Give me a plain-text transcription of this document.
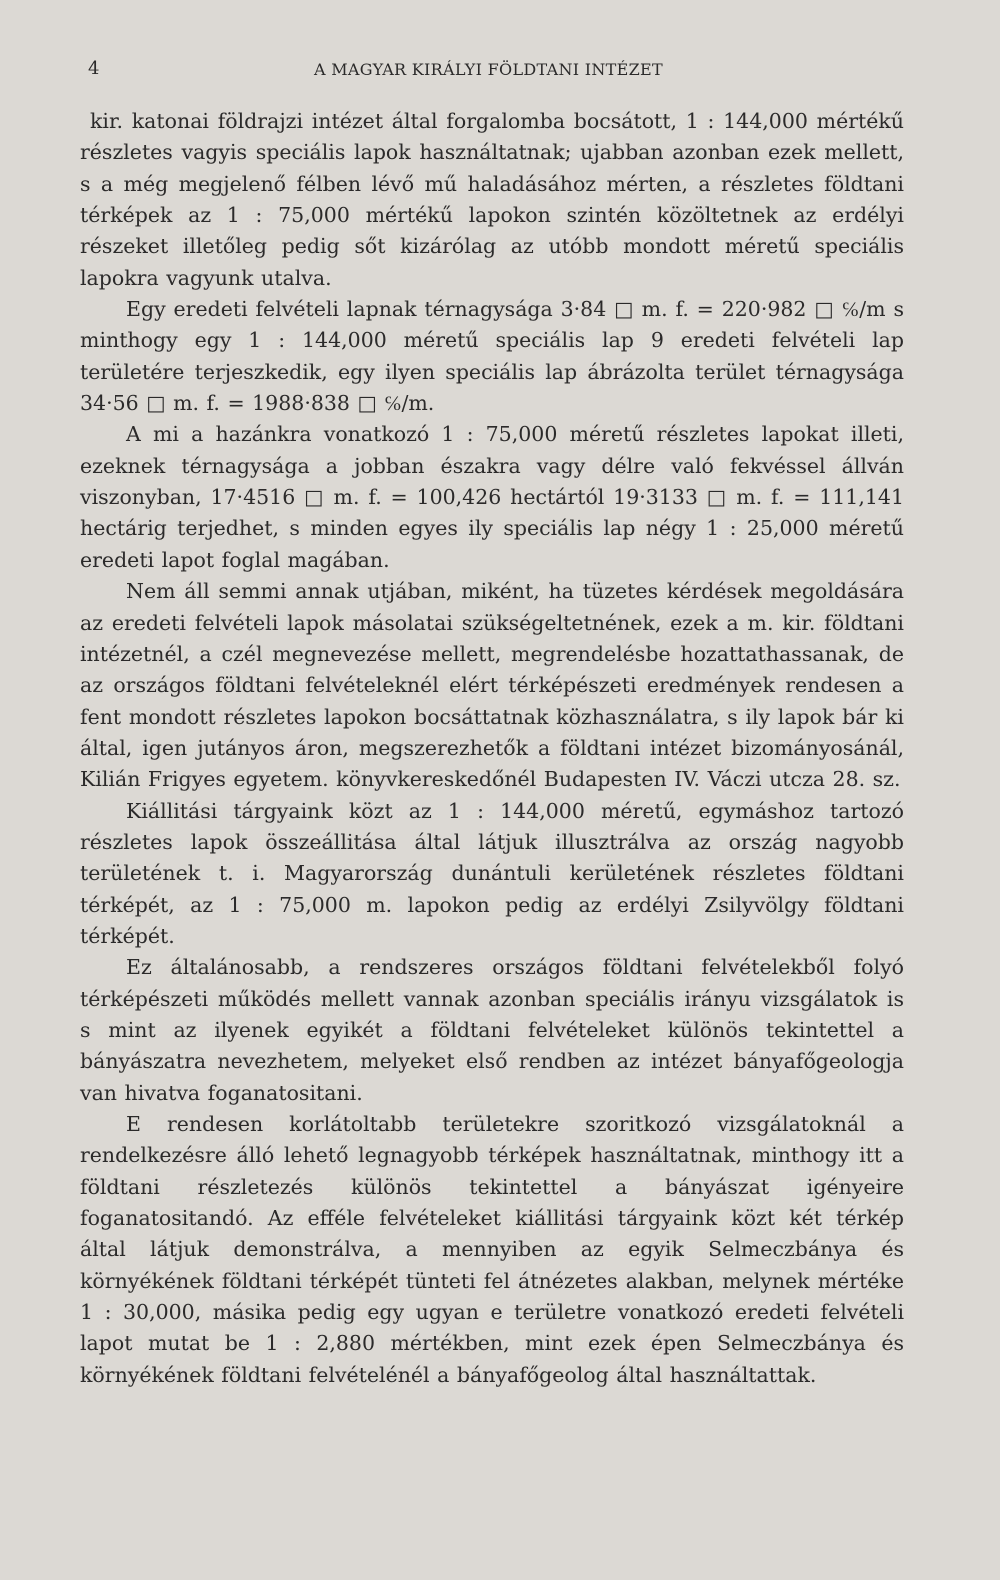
4	A MAGYAR KIRÁLYI FÖLDTANI INTÉZET

kir. katonai földrajzi intézet által forgalomba bocsátott, 1 : 144,000 mértékű részletes vagyis speciális lapok használtatnak; ujabban azonban ezek mellett, s a még megjelenő félben lévő mű haladásához mérten, a részletes földtani térképek az 1 : 75,000 mértékű lapokon szintén közöltetnek az erdélyi részeket illetőleg pedig sőt kizárólag az utóbb mondott méretű speciális lapokra vagyunk utalva.

Egy eredeti felvételi lapnak térnagysága 3·84 □ m. f. = 220·982 □ ℅/m s minthogy egy 1 : 144,000 méretű speciális lap 9 eredeti felvételi lap területére terjeszkedik, egy ilyen speciális lap ábrázolta terület térnagysága 34·56 □ m. f. = 1988·838 □ ℅/m.

A mi a hazánkra vonatkozó 1 : 75,000 méretű részletes lapokat illeti, ezeknek térnagysága a jobban északra vagy délre való fekvéssel állván viszonyban, 17·4516 □ m. f. = 100,426 hectártól 19·3133 □ m. f. = 111,141 hectárig terjedhet, s minden egyes ily speciális lap négy 1 : 25,000 méretű eredeti lapot foglal magában.

Nem áll semmi annak utjában, miként, ha tüzetes kérdések megoldására az eredeti felvételi lapok másolatai szükségeltetnének, ezek a m. kir. földtani intézetnél, a czél megnevezése mellett, megrendelésbe hozattathassanak, de az országos földtani felvételeknél elért térképészeti eredmények rendesen a fent mondott részletes lapokon bocsáttatnak közhasználatra, s ily lapok bár ki által, igen jutányos áron, megszerezhetők a földtani intézet bizományosánál, Kilián Frigyes egyetem. könyvkereskedőnél Budapesten IV. Váczi utcza 28. sz.

Kiállitási tárgyaink közt az 1 : 144,000 méretű, egymáshoz tartozó részletes lapok összeállitása által látjuk illusztrálva az ország nagyobb területének t. i. Magyarország dunántuli kerületének részletes földtani térképét, az 1 : 75,000 m. lapokon pedig az erdélyi Zsilyvölgy földtani térképét.

Ez általánosabb, a rendszeres országos földtani felvételekből folyó térképészeti működés mellett vannak azonban speciális irányu vizsgálatok is s mint az ilyenek egyikét a földtani felvételeket különös tekintettel a bányászatra nevezhetem, melyeket első rendben az intézet bányafőgeologja van hivatva foganatositani.

E rendesen korlátoltabb területekre szoritkozó vizsgálatoknál a rendelkezésre álló lehető legnagyobb térképek használtatnak, minthogy itt a földtani részletezés különös tekintettel a bányászat igényeire foganatositandó. Az efféle felvételeket kiállitási tárgyaink közt két térkép által látjuk demonstrálva, a mennyiben az egyik Selmeczbánya és környékének földtani térképét tünteti fel átnézetes alakban, melynek mértéke 1 : 30,000, másika pedig egy ugyan e területre vonatkozó eredeti felvételi lapot mutat be 1 : 2,880 mértékben, mint ezek épen Selmeczbánya és környékének földtani felvételénél a bányafőgeolog által használtattak.
